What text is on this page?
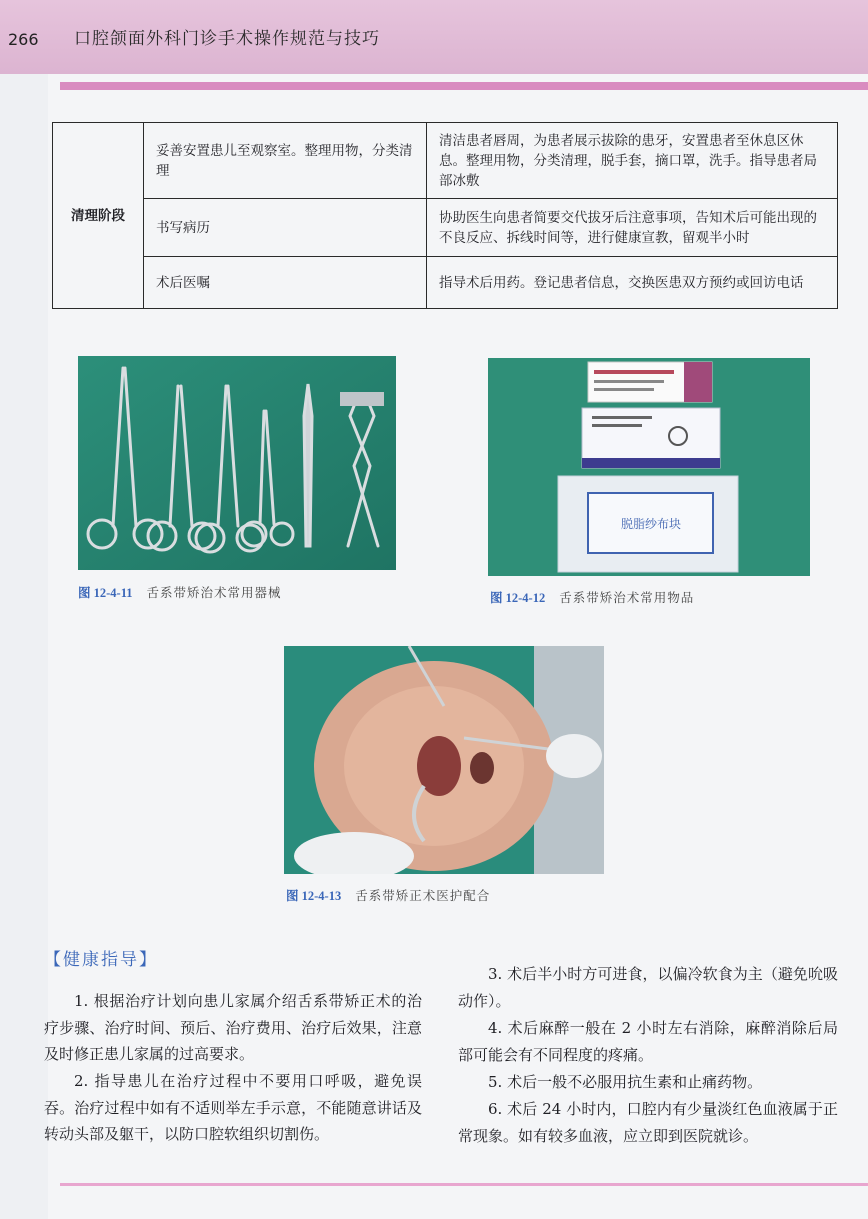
266	口腔颌面外科门诊手术操作规范与技巧
清理阶段	妥善安置患儿至观察室。整理用物，分类清理	清洁患者唇周，为患者展示拔除的患牙，安置患者至休息区休息。整理用物，分类清理，脱手套，摘口罩，洗手。指导患者局部冰敷
	书写病历	协助医生向患者简要交代拔牙后注意事项，告知术后可能出现的不良反应、拆线时间等，进行健康宣教，留观半小时
	术后医嘱	指导术后用药。登记患者信息，交换医患双方预约或回访电话
图 12-4-11 舌系带矫治术常用器械
脱脂纱布块
图 12-4-12 舌系带矫治术常用物品
图 12-4-13 舌系带矫正术医护配合
【健康指导】

1. 根据治疗计划向患儿家属介绍舌系带矫正术的治疗步骤、治疗时间、预后、治疗费用、治疗后效果，注意及时修正患儿家属的过高要求。

2. 指导患儿在治疗过程中不要用口呼吸，避免误吞。治疗过程中如有不适则举左手示意，不能随意讲话及转动头部及躯干，以防口腔软组织切割伤。

3. 术后半小时方可进食，以偏冷软食为主（避免吮吸动作）。

4. 术后麻醉一般在 2 小时左右消除，麻醉消除后局部可能会有不同程度的疼痛。

5. 术后一般不必服用抗生素和止痛药物。

6. 术后 24 小时内，口腔内有少量淡红色血液属于正常现象。如有较多血液，应立即到医院就诊。
